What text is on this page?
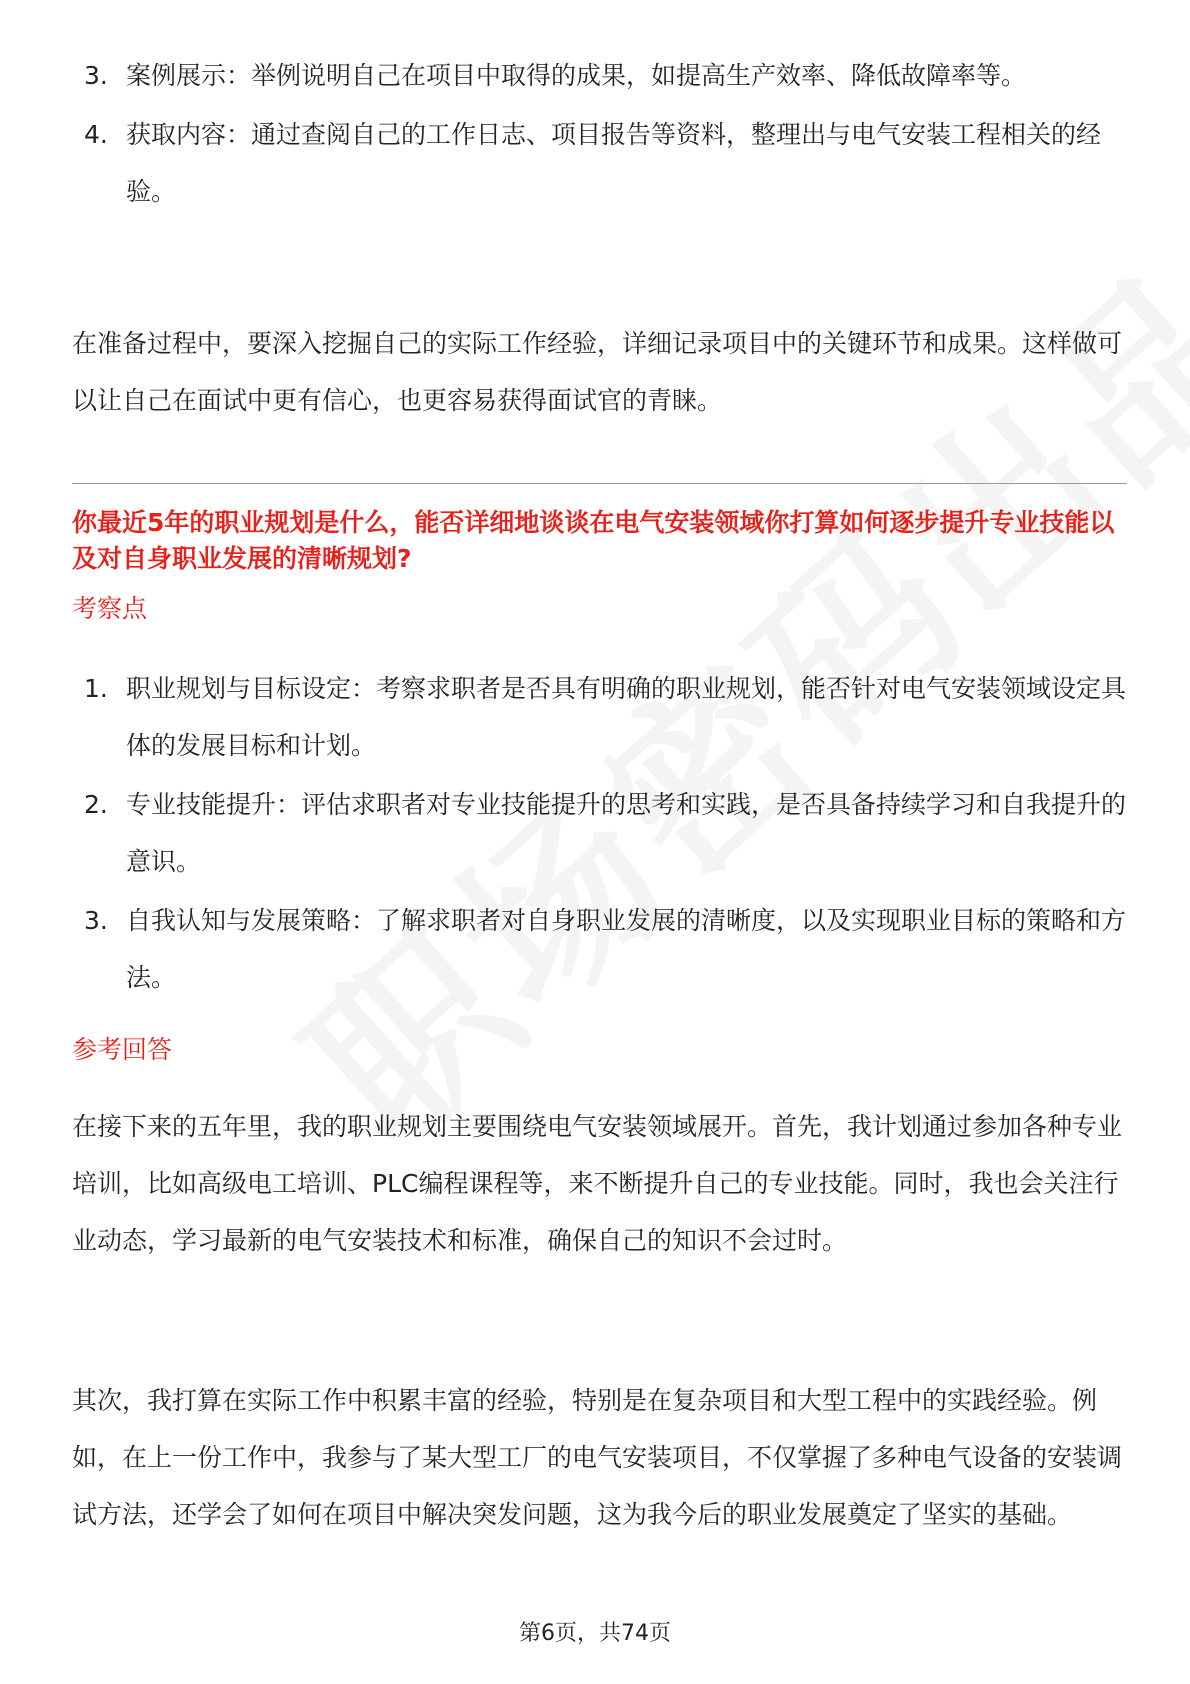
3. 案例展示：举例说明自己在项目中取得的成果，如提高生产效率、降低故障率等。
4. 获取内容：通过查阅自己的工作日志、项目报告等资料，整理出与电气安装工程相关的经验。

在准备过程中，要深入挖掘自己的实际工作经验，详细记录项目中的关键环节和成果。这样做可以让自己在面试中更有信心，也更容易获得面试官的青睐。

你最近5年的职业规划是什么，能否详细地谈谈在电气安装领域你打算如何逐步提升专业技能以及对自身职业发展的清晰规划?

考察点

1. 职业规划与目标设定：考察求职者是否具有明确的职业规划，能否针对电气安装领域设定具体的发展目标和计划。
2. 专业技能提升：评估求职者对专业技能提升的思考和实践，是否具备持续学习和自我提升的意识。
3. 自我认知与发展策略：了解求职者对自身职业发展的清晰度，以及实现职业目标的策略和方法。

参考回答

在接下来的五年里，我的职业规划主要围绕电气安装领域展开。首先，我计划通过参加各种专业培训，比如高级电工培训、PLC编程课程等，来不断提升自己的专业技能。同时，我也会关注行业动态，学习最新的电气安装技术和标准，确保自己的知识不会过时。

其次，我打算在实际工作中积累丰富的经验，特别是在复杂项目和大型工程中的实践经验。例如，在上一份工作中，我参与了某大型工厂的电气安装项目，不仅掌握了多种电气设备的安装调试方法，还学会了如何在项目中解决突发问题，这为我今后的职业发展奠定了坚实的基础。

第6页，共74页
